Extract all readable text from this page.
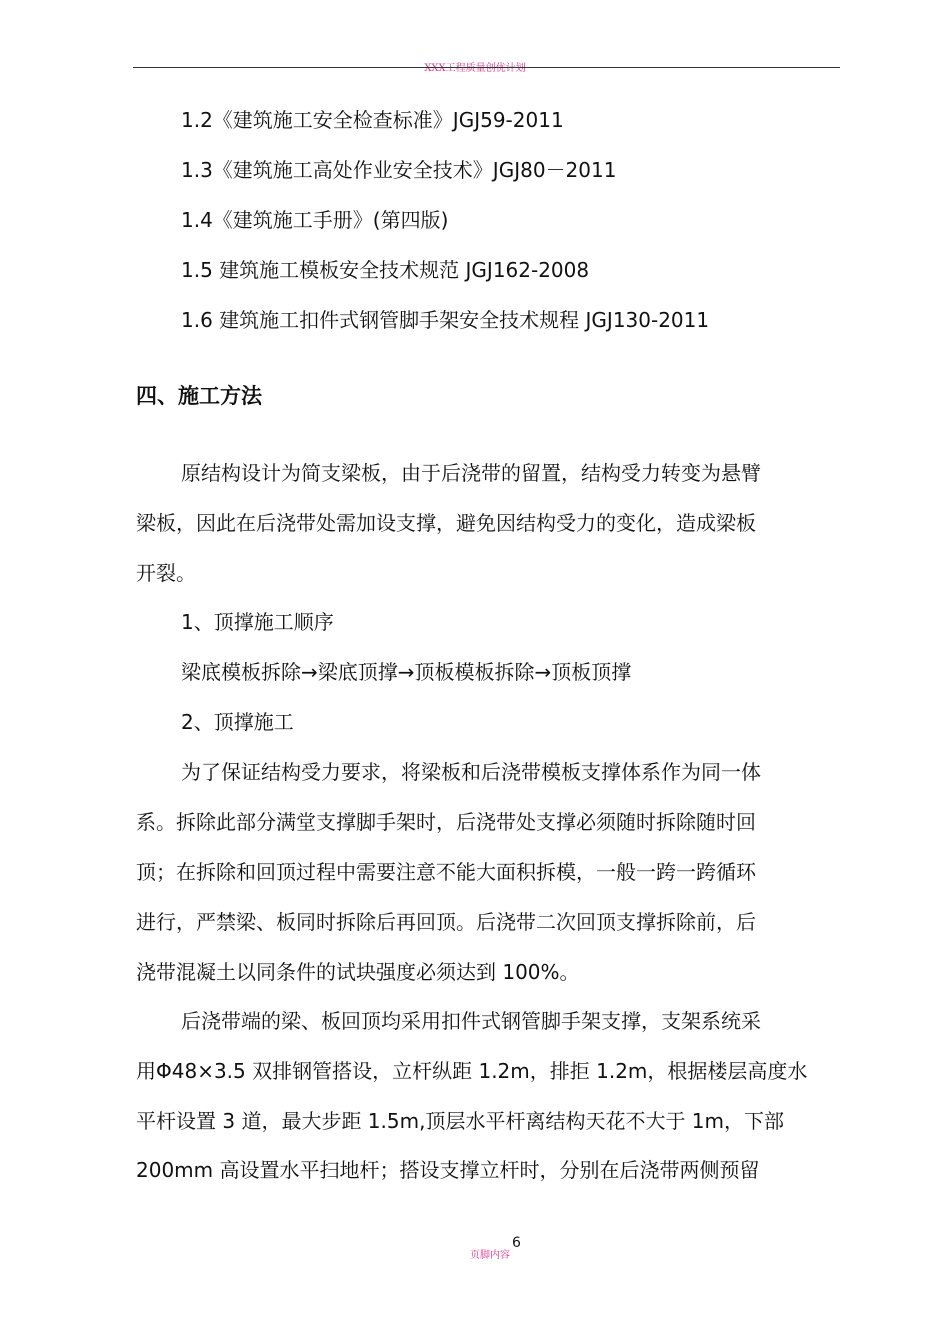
XXX工程质量创优计划
1.2《建筑施工安全检查标准》JGJ59-2011
1.3《建筑施工高处作业安全技术》JGJ80－2011
1.4《建筑施工手册》(第四版)
1.5 建筑施工模板安全技术规范 JGJ162-2008
1.6 建筑施工扣件式钢管脚手架安全技术规程 JGJ130-2011
四、施工方法
原结构设计为简支梁板，由于后浇带的留置，结构受力转变为悬臂
梁板，因此在后浇带处需加设支撑，避免因结构受力的变化，造成梁板
开裂。
1、顶撑施工顺序
梁底模板拆除→梁底顶撑→顶板模板拆除→顶板顶撑
2、顶撑施工
为了保证结构受力要求，将梁板和后浇带模板支撑体系作为同一体
系。拆除此部分满堂支撑脚手架时，后浇带处支撑必须随时拆除随时回
顶；在拆除和回顶过程中需要注意不能大面积拆模，一般一跨一跨循环
进行，严禁梁、板同时拆除后再回顶。后浇带二次回顶支撑拆除前，后
浇带混凝土以同条件的试块强度必须达到 100%。
后浇带端的梁、板回顶均采用扣件式钢管脚手架支撑，支架系统采
用Φ48×3.5 双排钢管搭设，立杆纵距 1.2m，排拒 1.2m，根据楼层高度水
平杆设置 3 道，最大步距 1.5m,顶层水平杆离结构天花不大于 1m，下部
200mm 高设置水平扫地杆；搭设支撑立杆时，分别在后浇带两侧预留
页脚内容
6
